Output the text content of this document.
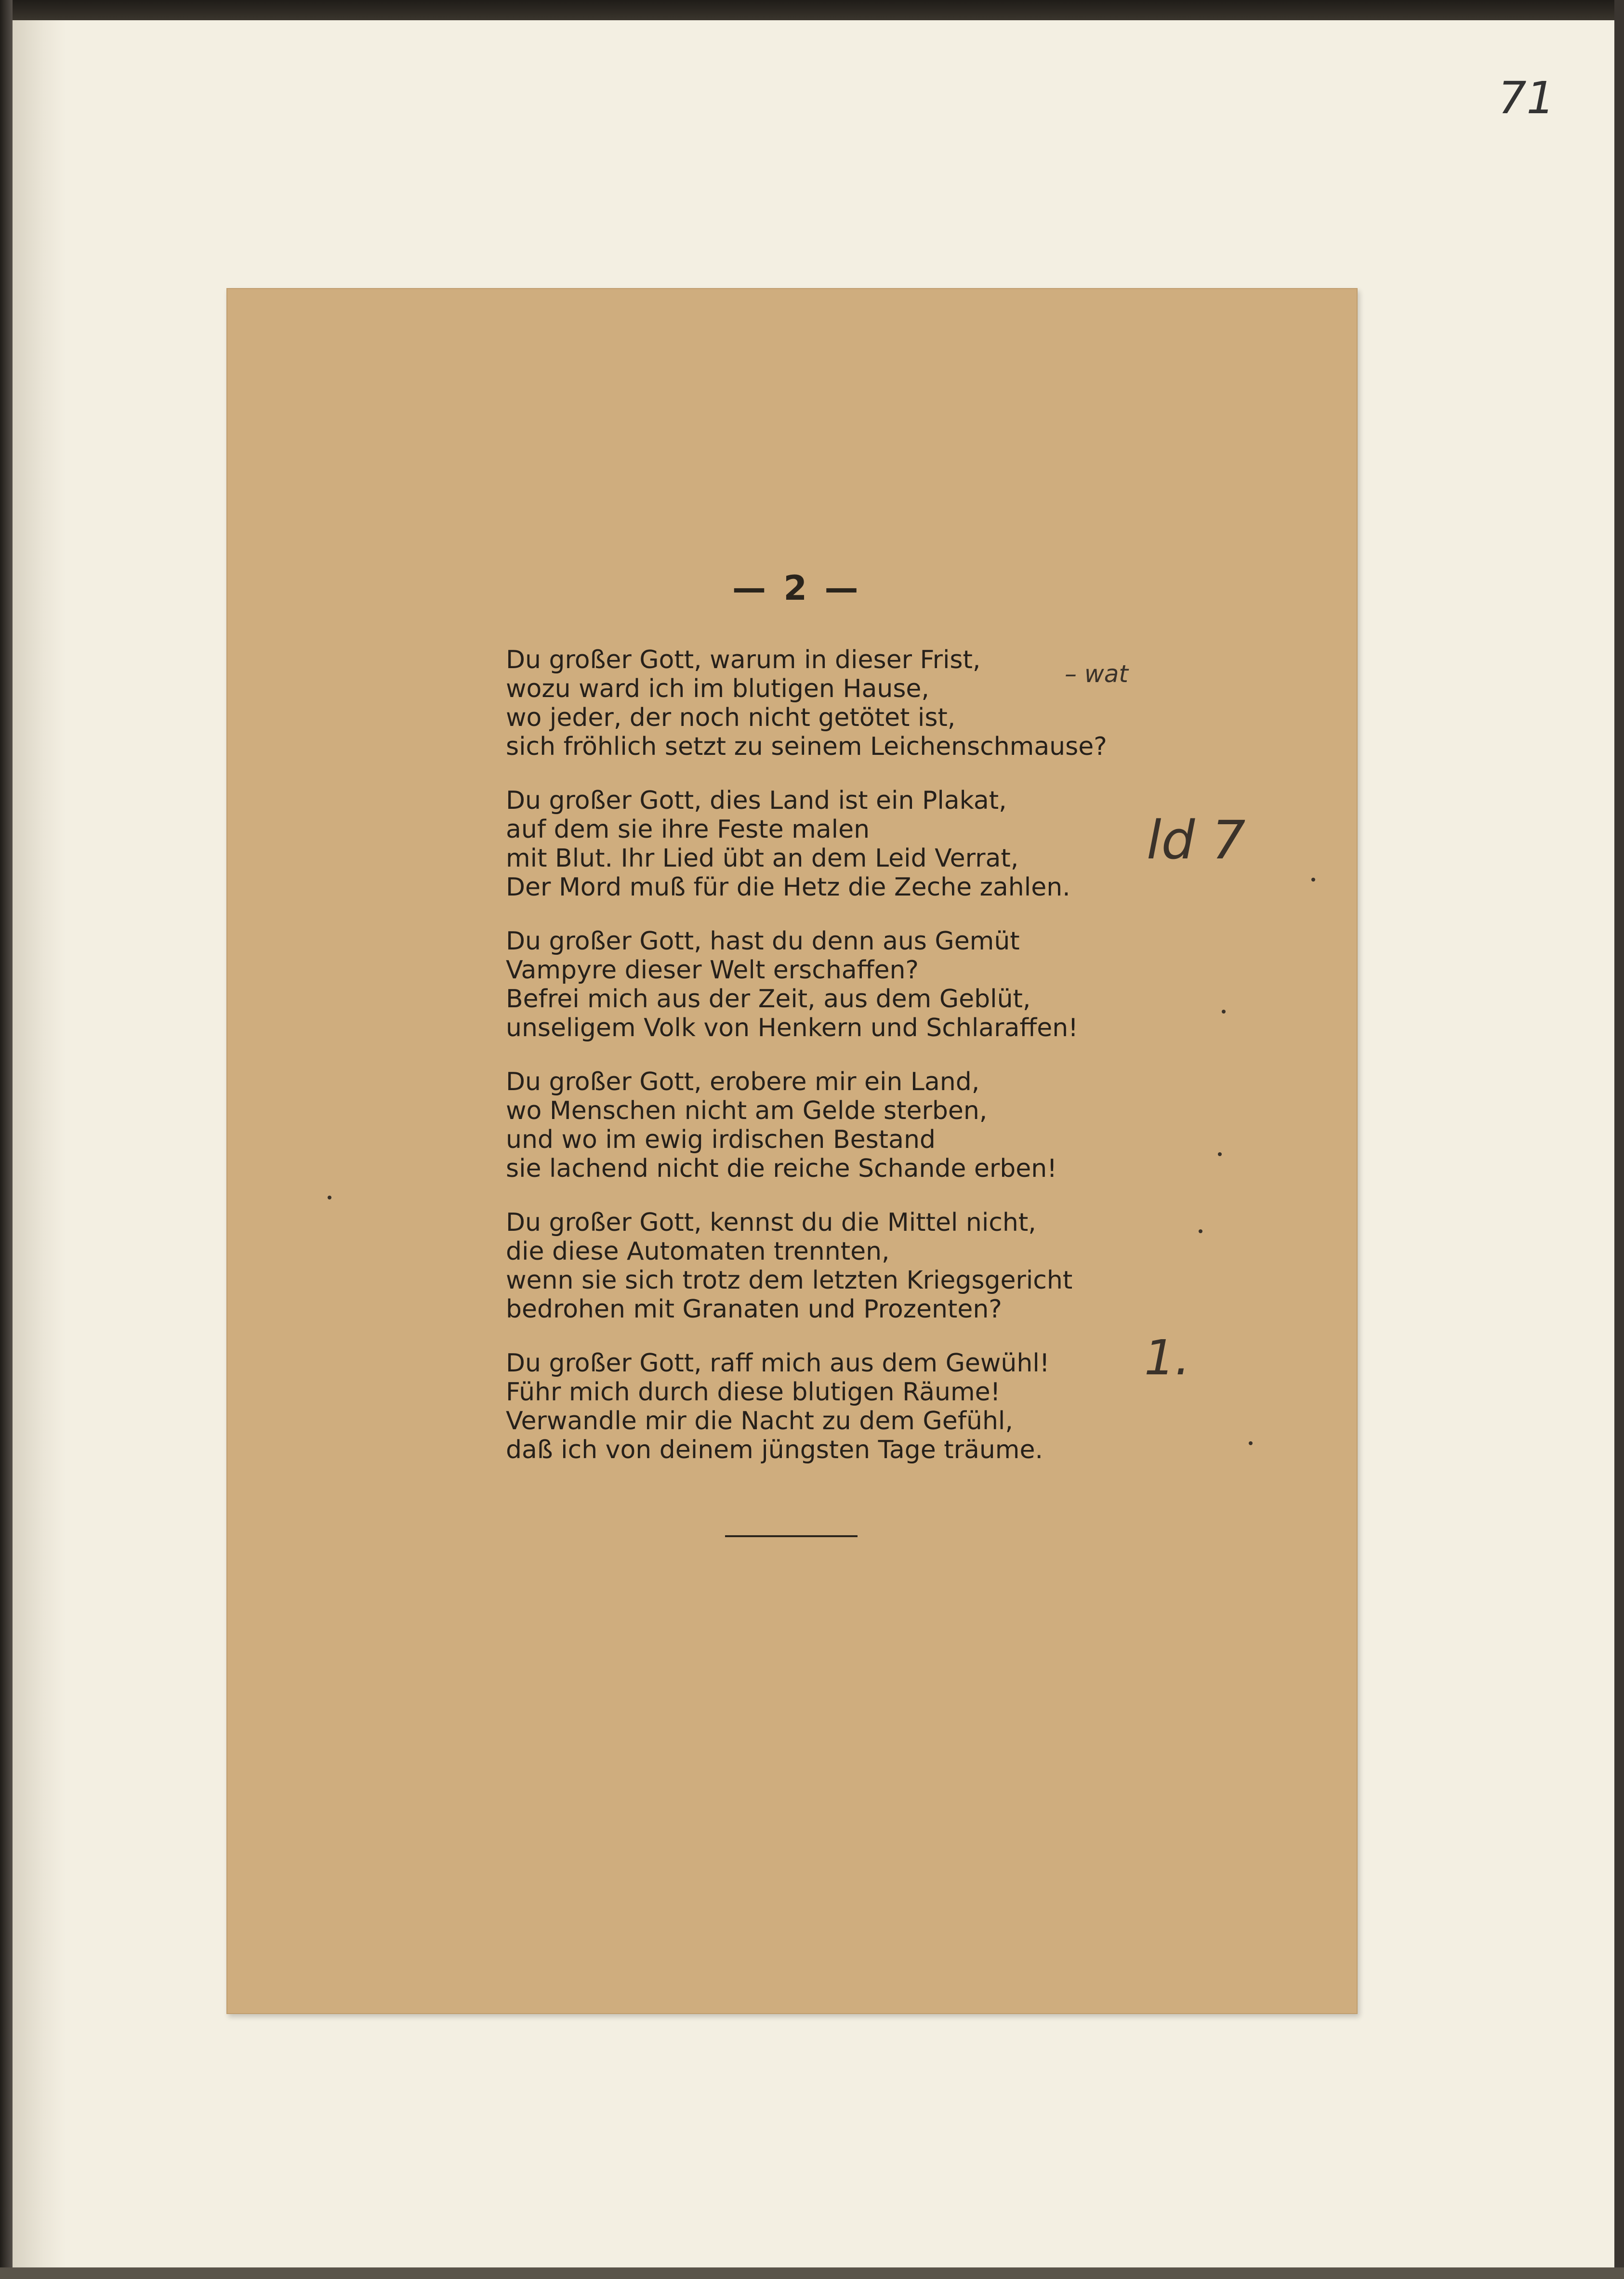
71
— 2 —
Du großer Gott, warum in dieser Frist,
wozu ward ich im blutigen Hause,
wo jeder, der noch nicht getötet ist,
sich fröhlich setzt zu seinem Leichenschmause?
Du großer Gott, dies Land ist ein Plakat,
auf dem sie ihre Feste malen
mit Blut. Ihr Lied übt an dem Leid Verrat,
Der Mord muß für die Hetz die Zeche zahlen.
Du großer Gott, hast du denn aus Gemüt
Vampyre dieser Welt erschaffen?
Befrei mich aus der Zeit, aus dem Geblüt,
unseligem Volk von Henkern und Schlaraffen!
Du großer Gott, erobere mir ein Land,
wo Menschen nicht am Gelde sterben,
und wo im ewig irdischen Bestand
sie lachend nicht die reiche Schande erben!
Du großer Gott, kennst du die Mittel nicht,
die diese Automaten trennten,
wenn sie sich trotz dem letzten Kriegsgericht
bedrohen mit Granaten und Prozenten?
Du großer Gott, raff mich aus dem Gewühl!
Führ mich durch diese blutigen Räume!
Verwandle mir die Nacht zu dem Gefühl,
daß ich von deinem jüngsten Tage träume.
– wat
ld 7
1.
